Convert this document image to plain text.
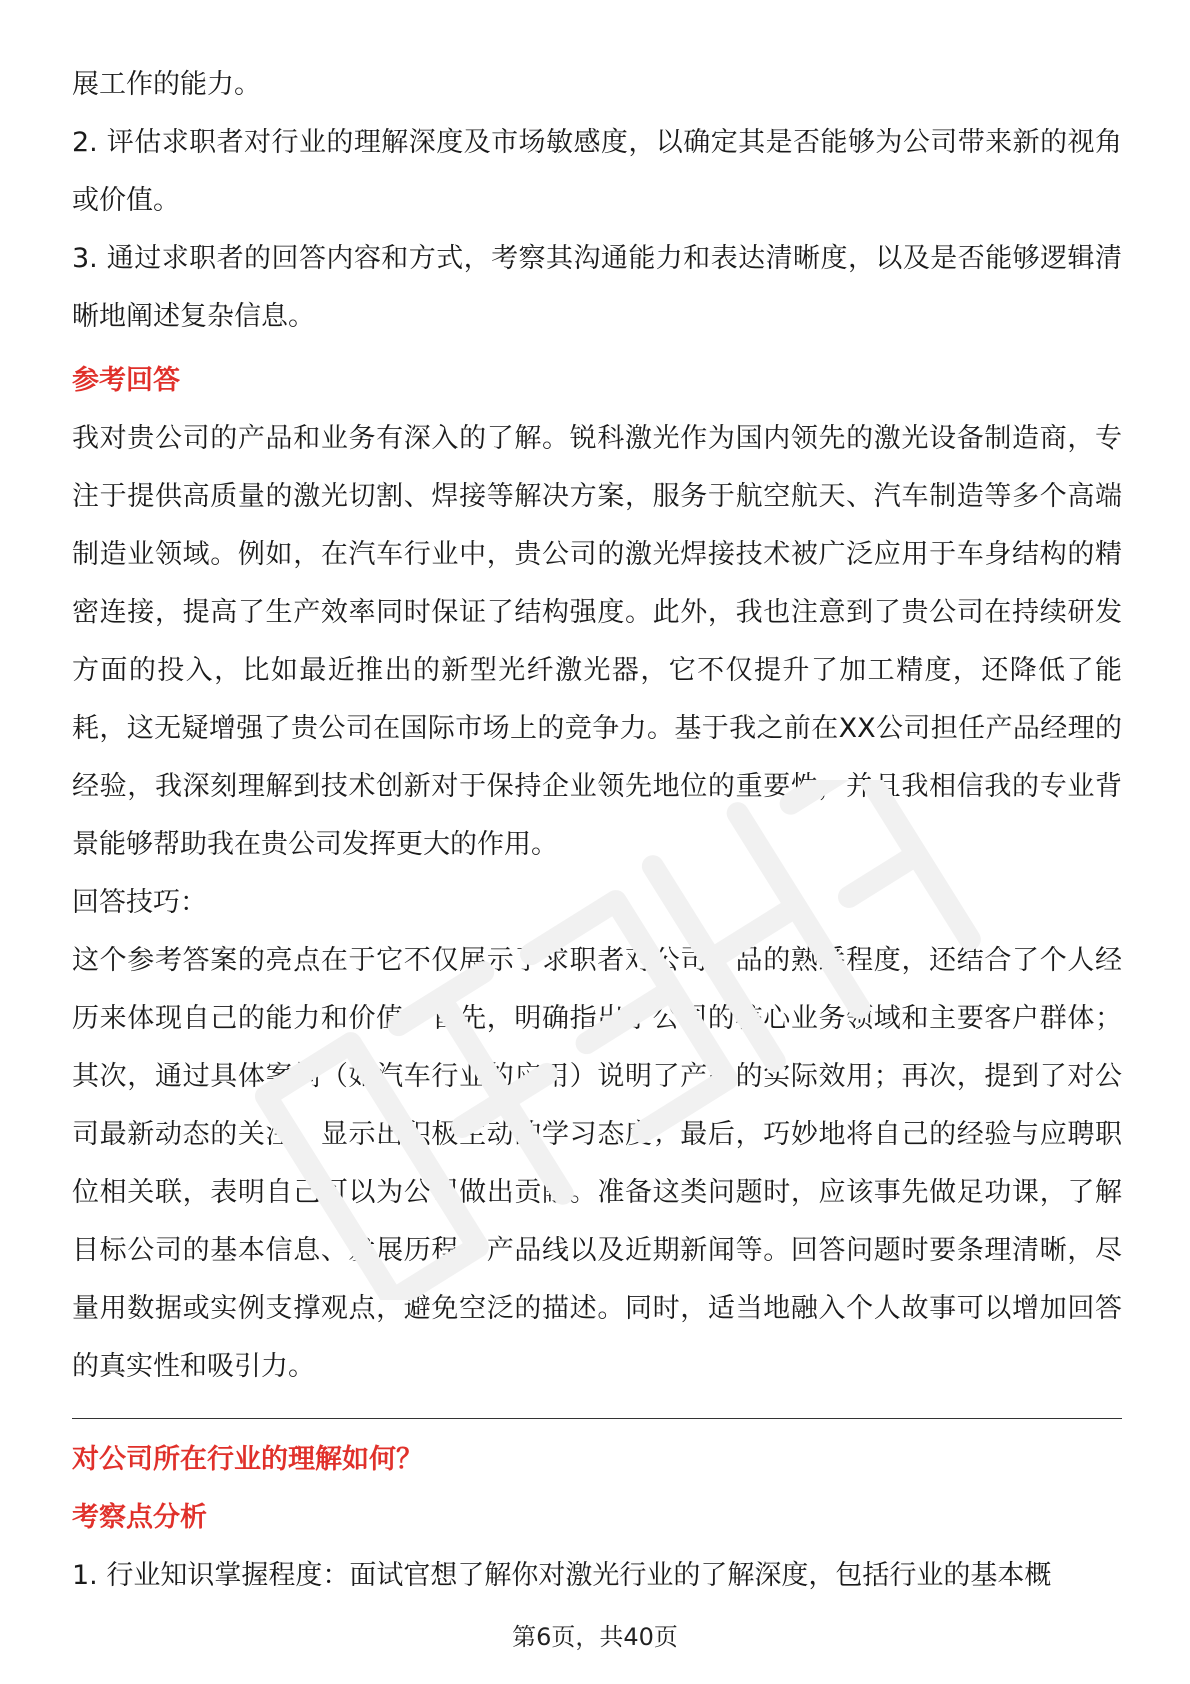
展工作的能力。

2. 评估求职者对行业的理解深度及市场敏感度，以确定其是否能够为公司带来新的视角或价值。

3. 通过求职者的回答内容和方式，考察其沟通能力和表达清晰度，以及是否能够逻辑清晰地阐述复杂信息。

参考回答

我对贵公司的产品和业务有深入的了解。锐科激光作为国内领先的激光设备制造商，专注于提供高质量的激光切割、焊接等解决方案，服务于航空航天、汽车制造等多个高端制造业领域。例如，在汽车行业中，贵公司的激光焊接技术被广泛应用于车身结构的精密连接，提高了生产效率同时保证了结构强度。此外，我也注意到了贵公司在持续研发方面的投入，比如最近推出的新型光纤激光器，它不仅提升了加工精度，还降低了能耗，这无疑增强了贵公司在国际市场上的竞争力。基于我之前在XX公司担任产品经理的经验，我深刻理解到技术创新对于保持企业领先地位的重要性，并且我相信我的专业背景能够帮助我在贵公司发挥更大的作用。

回答技巧：

这个参考答案的亮点在于它不仅展示了求职者对公司产品的熟悉程度，还结合了个人经历来体现自己的能力和价值。首先，明确指出了公司的核心业务领域和主要客户群体；其次，通过具体案例（如汽车行业的应用）说明了产品的实际效用；再次，提到了对公司最新动态的关注，显示出积极主动的学习态度；最后，巧妙地将自己的经验与应聘职位相关联，表明自己可以为公司做出贡献。准备这类问题时，应该事先做足功课，了解目标公司的基本信息、发展历程、产品线以及近期新闻等。回答问题时要条理清晰，尽量用数据或实例支撑观点，避免空泛的描述。同时，适当地融入个人故事可以增加回答的真实性和吸引力。

对公司所在行业的理解如何？

考察点分析

1. 行业知识掌握程度：面试官想了解你对激光行业的了解深度，包括行业的基本概

第6页，共40页
